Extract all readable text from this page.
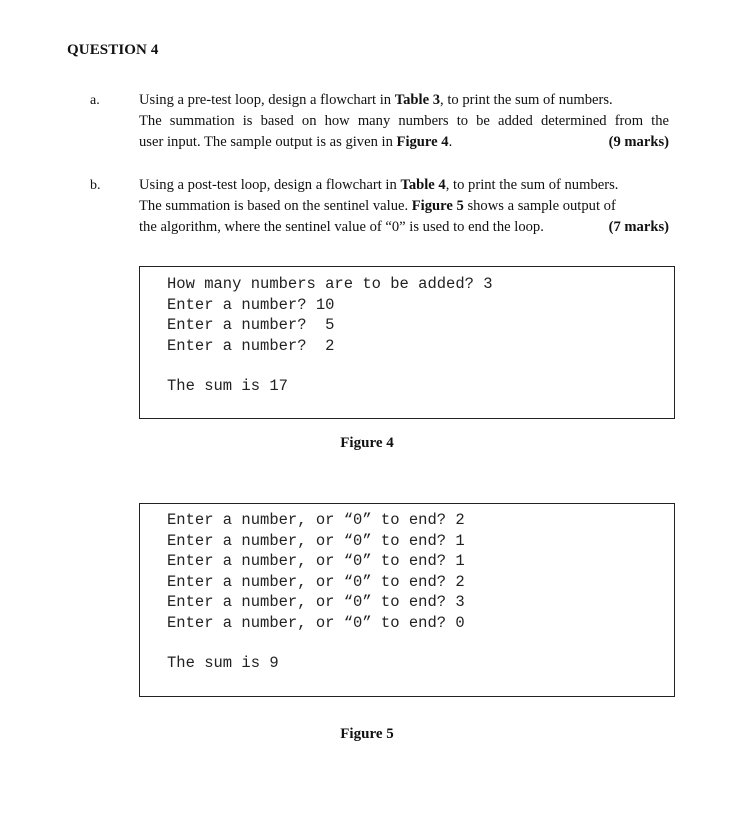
QUESTION 4
a.	Using a pre-test loop, design a flowchart in Table 3, to print the sum of numbers.
The summation is based on how many numbers to be added determined from the
user input. The sample output is as given in Figure 4.	(9 marks)
b.	Using a post-test loop, design a flowchart in Table 4, to print the sum of numbers.
The summation is based on the sentinel value. Figure 5 shows a sample output of
the algorithm, where the sentinel value of “0” is used to end the loop.	(7 marks)
How many numbers are to be added? 3
Enter a number? 10
Enter a number?  5
Enter a number?  2
The sum is 17
Figure 4
Enter a number, or “0” to end? 2
Enter a number, or “0” to end? 1
Enter a number, or “0” to end? 1
Enter a number, or “0” to end? 2
Enter a number, or “0” to end? 3
Enter a number, or “0” to end? 0
The sum is 9
Figure 5
